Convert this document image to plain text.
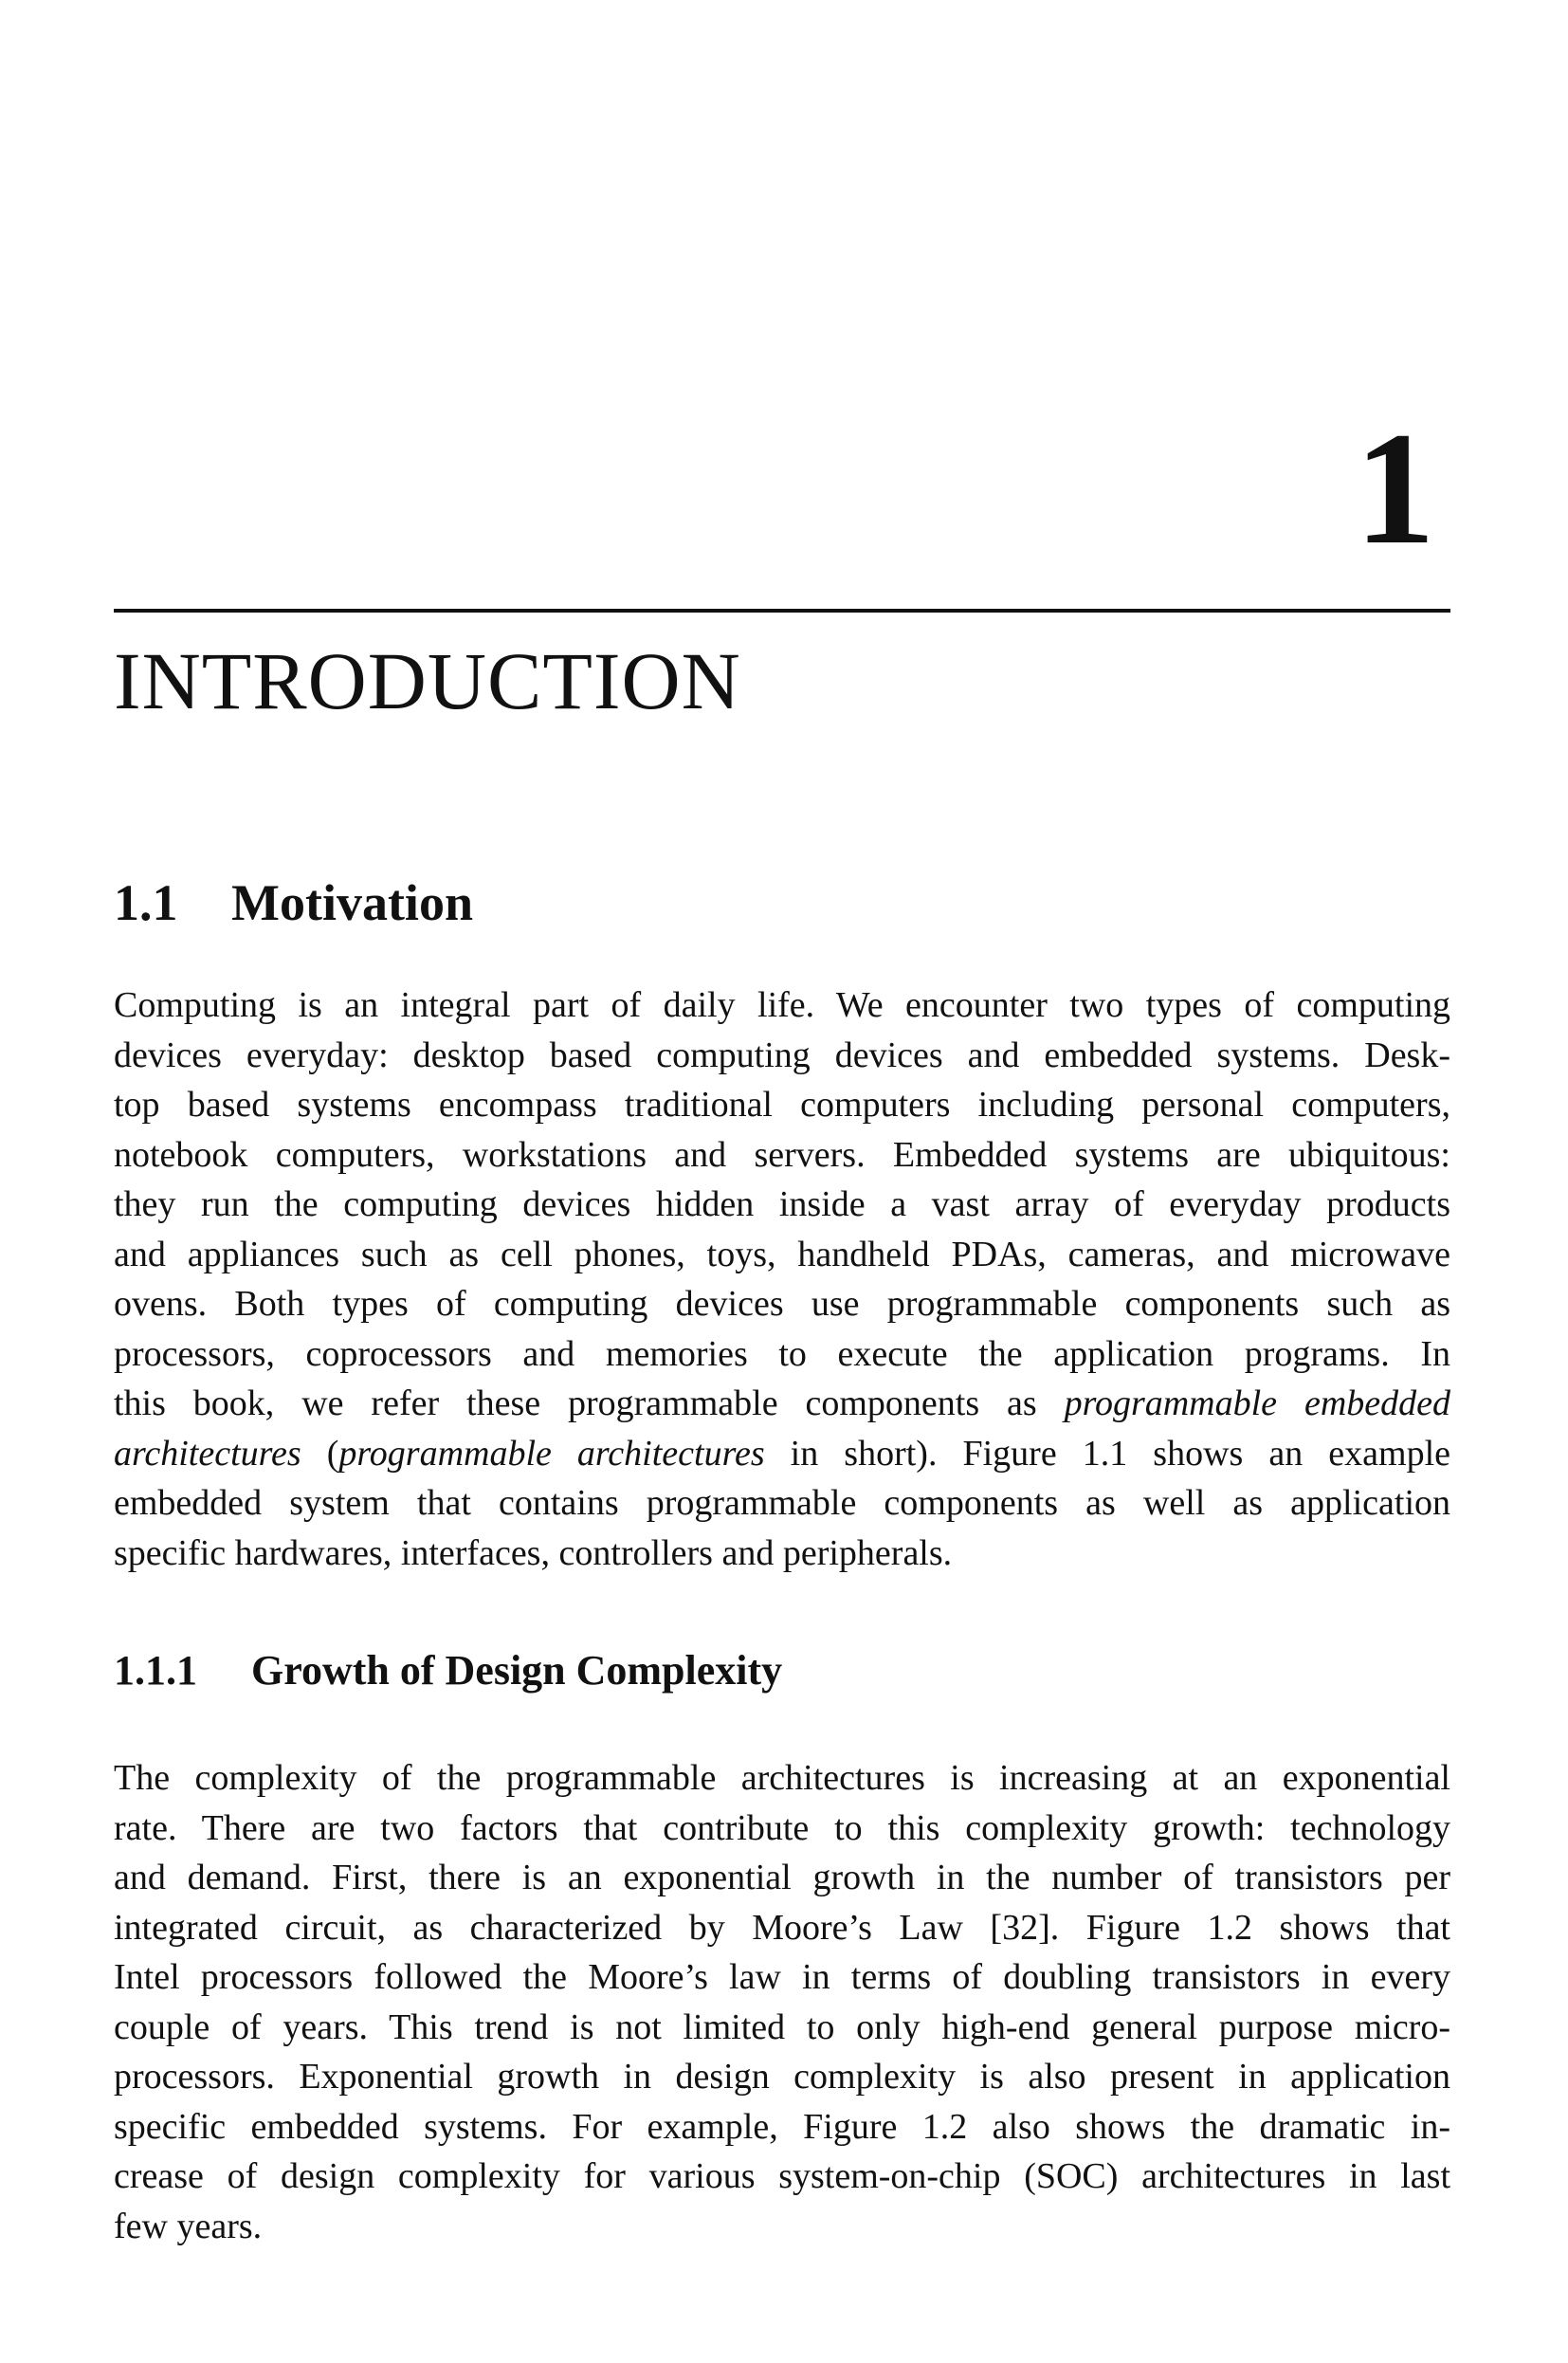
1
INTRODUCTION
1.1 Motivation
Computing is an integral part of daily life. We encounter two types of computing
devices everyday: desktop based computing devices and embedded systems. Desk-
top based systems encompass traditional computers including personal computers,
notebook computers, workstations and servers. Embedded systems are ubiquitous:
they run the computing devices hidden inside a vast array of everyday products
and appliances such as cell phones, toys, handheld PDAs, cameras, and microwave
ovens. Both types of computing devices use programmable components such as
processors, coprocessors and memories to execute the application programs. In
this book, we refer these programmable components as programmable embedded
architectures (programmable architectures in short). Figure 1.1 shows an example
embedded system that contains programmable components as well as application
specific hardwares, interfaces, controllers and peripherals.
1.1.1 Growth of Design Complexity
The complexity of the programmable architectures is increasing at an exponential
rate. There are two factors that contribute to this complexity growth: technology
and demand. First, there is an exponential growth in the number of transistors per
integrated circuit, as characterized by Moore’s Law [32]. Figure 1.2 shows that
Intel processors followed the Moore’s law in terms of doubling transistors in every
couple of years. This trend is not limited to only high-end general purpose micro-
processors. Exponential growth in design complexity is also present in application
specific embedded systems. For example, Figure 1.2 also shows the dramatic in-
crease of design complexity for various system-on-chip (SOC) architectures in last
few years.
